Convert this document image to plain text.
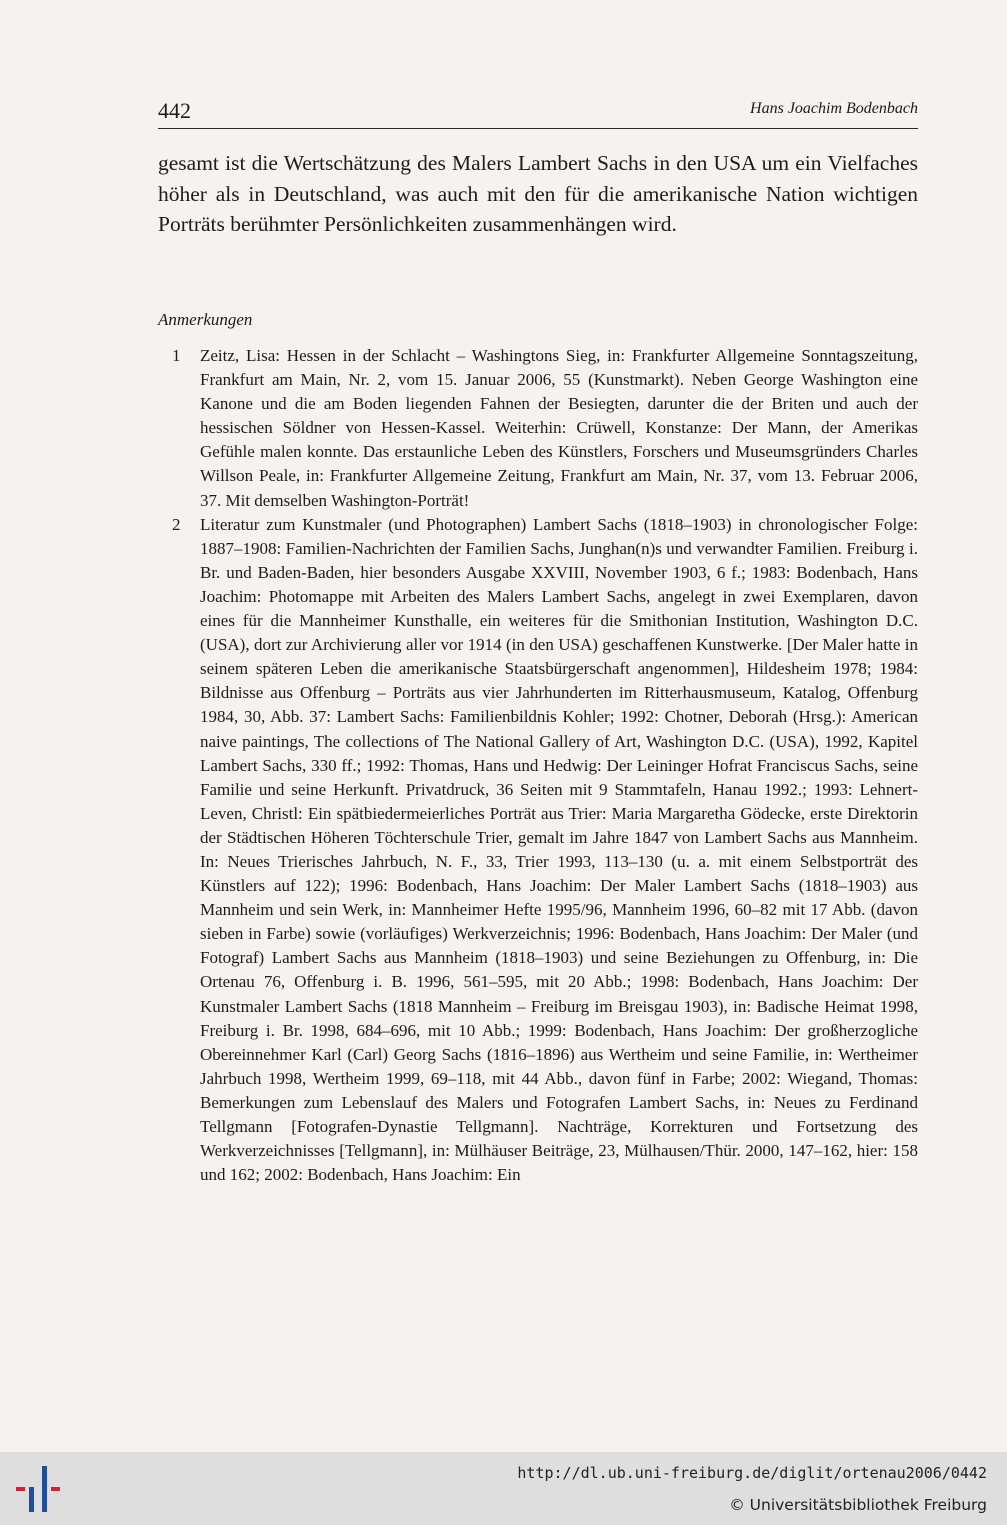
442	Hans Joachim Bodenbach

gesamt ist die Wertschätzung des Malers Lambert Sachs in den USA um ein Vielfaches höher als in Deutschland, was auch mit den für die amerikanische Nation wichtigen Porträts berühmter Persönlichkeiten zusammenhängen wird.

Anmerkungen
1 Zeitz, Lisa: Hessen in der Schlacht – Washingtons Sieg, in: Frankfurter Allgemeine Sonntagszeitung, Frankfurt am Main, Nr. 2, vom 15. Januar 2006, 55 (Kunstmarkt). Neben George Washington eine Kanone und die am Boden liegenden Fahnen der Besiegten, darunter die der Briten und auch der hessischen Söldner von Hessen-Kassel. Weiterhin: Crüwell, Konstanze: Der Mann, der Amerikas Gefühle malen konnte. Das erstaunliche Leben des Künstlers, Forschers und Museumsgründers Charles Willson Peale, in: Frankfurter Allgemeine Zeitung, Frankfurt am Main, Nr. 37, vom 13. Februar 2006, 37. Mit demselben Washington-Porträt!

2 Literatur zum Kunstmaler (und Photographen) Lambert Sachs (1818–1903) in chronologischer Folge: 1887–1908: Familien-Nachrichten der Familien Sachs, Junghan(n)s und verwandter Familien. Freiburg i. Br. und Baden-Baden, hier besonders Ausgabe XXVIII, November 1903, 6 f.; 1983: Bodenbach, Hans Joachim: Photomappe mit Arbeiten des Malers Lambert Sachs, angelegt in zwei Exemplaren, davon eines für die Mannheimer Kunsthalle, ein weiteres für die Smithonian Institution, Washington D.C. (USA), dort zur Archivierung aller vor 1914 (in den USA) geschaffenen Kunstwerke. [Der Maler hatte in seinem späteren Leben die amerikanische Staatsbürgerschaft angenommen], Hildesheim 1978; 1984: Bildnisse aus Offenburg – Porträts aus vier Jahrhunderten im Ritterhausmuseum, Katalog, Offenburg 1984, 30, Abb. 37: Lambert Sachs: Familienbildnis Kohler; 1992: Chotner, Deborah (Hrsg.): American naive paintings, The collections of The National Gallery of Art, Washington D.C. (USA), 1992, Kapitel Lambert Sachs, 330 ff.; 1992: Thomas, Hans und Hedwig: Der Leininger Hofrat Franciscus Sachs, seine Familie und seine Herkunft. Privatdruck, 36 Seiten mit 9 Stammtafeln, Hanau 1992.; 1993: Lehnert-Leven, Christl: Ein spätbiedermeierliches Porträt aus Trier: Maria Margaretha Gödecke, erste Direktorin der Städtischen Höheren Töchterschule Trier, gemalt im Jahre 1847 von Lambert Sachs aus Mannheim. In: Neues Trierisches Jahrbuch, N. F., 33, Trier 1993, 113–130 (u. a. mit einem Selbstporträt des Künstlers auf 122); 1996: Bodenbach, Hans Joachim: Der Maler Lambert Sachs (1818–1903) aus Mannheim und sein Werk, in: Mannheimer Hefte 1995/96, Mannheim 1996, 60–82 mit 17 Abb. (davon sieben in Farbe) sowie (vorläufiges) Werkverzeichnis; 1996: Bodenbach, Hans Joachim: Der Maler (und Fotograf) Lambert Sachs aus Mannheim (1818–1903) und seine Beziehungen zu Offenburg, in: Die Ortenau 76, Offenburg i. B. 1996, 561–595, mit 20 Abb.; 1998: Bodenbach, Hans Joachim: Der Kunstmaler Lambert Sachs (1818 Mannheim – Freiburg im Breisgau 1903), in: Badische Heimat 1998, Freiburg i. Br. 1998, 684–696, mit 10 Abb.; 1999: Bodenbach, Hans Joachim: Der großherzogliche Obereinnehmer Karl (Carl) Georg Sachs (1816–1896) aus Wertheim und seine Familie, in: Wertheimer Jahrbuch 1998, Wertheim 1999, 69–118, mit 44 Abb., davon fünf in Farbe; 2002: Wiegand, Thomas: Bemerkungen zum Lebenslauf des Malers und Fotografen Lambert Sachs, in: Neues zu Ferdinand Tellgmann [Fotografen-Dynastie Tellgmann]. Nachträge, Korrekturen und Fortsetzung des Werkverzeichnisses [Tellgmann], in: Mülhäuser Beiträge, 23, Mülhausen/Thür. 2000, 147–162, hier: 158 und 162; 2002: Bodenbach, Hans Joachim: Ein

http://dl.ub.uni-freiburg.de/diglit/ortenau2006/0442
© Universitätsbibliothek Freiburg
